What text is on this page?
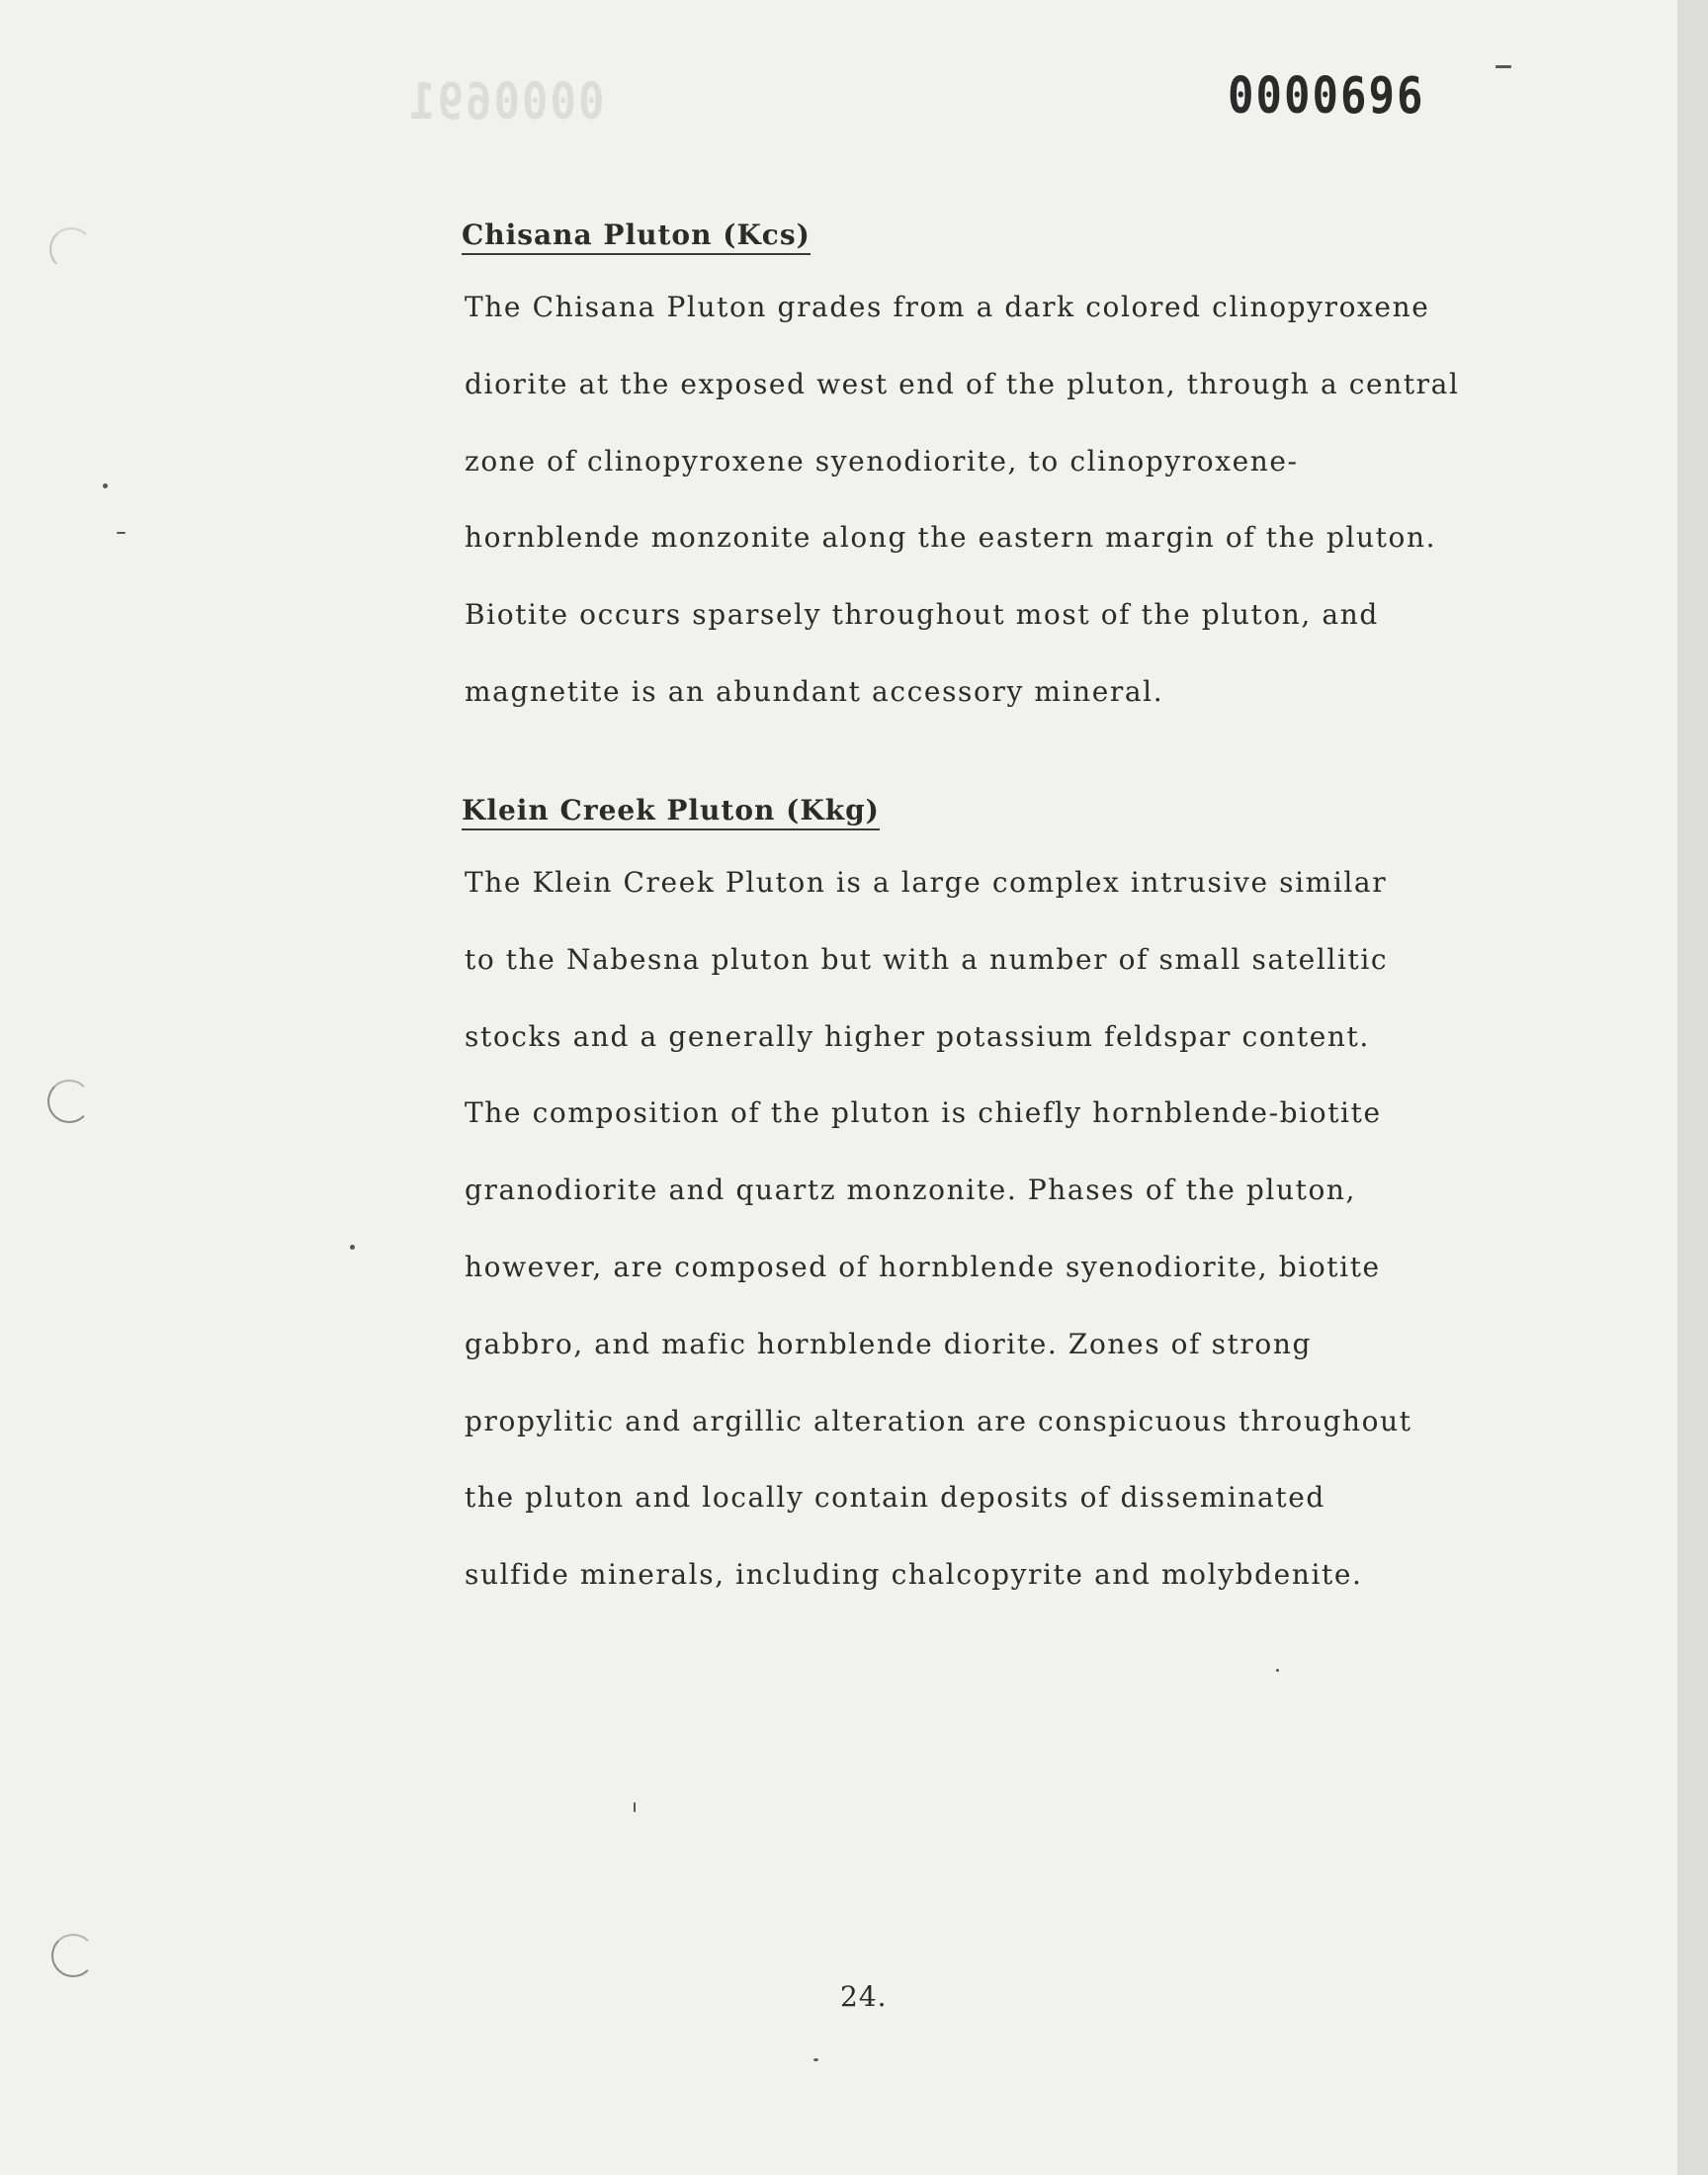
0000691	0000696
Chisana Pluton (Kcs)
The Chisana Pluton grades from a dark colored clinopyroxene
diorite at the exposed west end of the pluton, through a central
zone of clinopyroxene syenodiorite, to clinopyroxene-
hornblende monzonite along the eastern margin of the pluton.
Biotite occurs sparsely throughout most of the pluton, and
magnetite is an abundant accessory mineral.
Klein Creek Pluton (Kkg)
The Klein Creek Pluton is a large complex intrusive similar
to the Nabesna pluton but with a number of small satellitic
stocks and a generally higher potassium feldspar content.
The composition of the pluton is chiefly hornblende-biotite
granodiorite and quartz monzonite. Phases of the pluton,
however, are composed of hornblende syenodiorite, biotite
gabbro, and mafic hornblende diorite. Zones of strong
propylitic and argillic alteration are conspicuous throughout
the pluton and locally contain deposits of disseminated
sulfide minerals, including chalcopyrite and molybdenite.
24.
